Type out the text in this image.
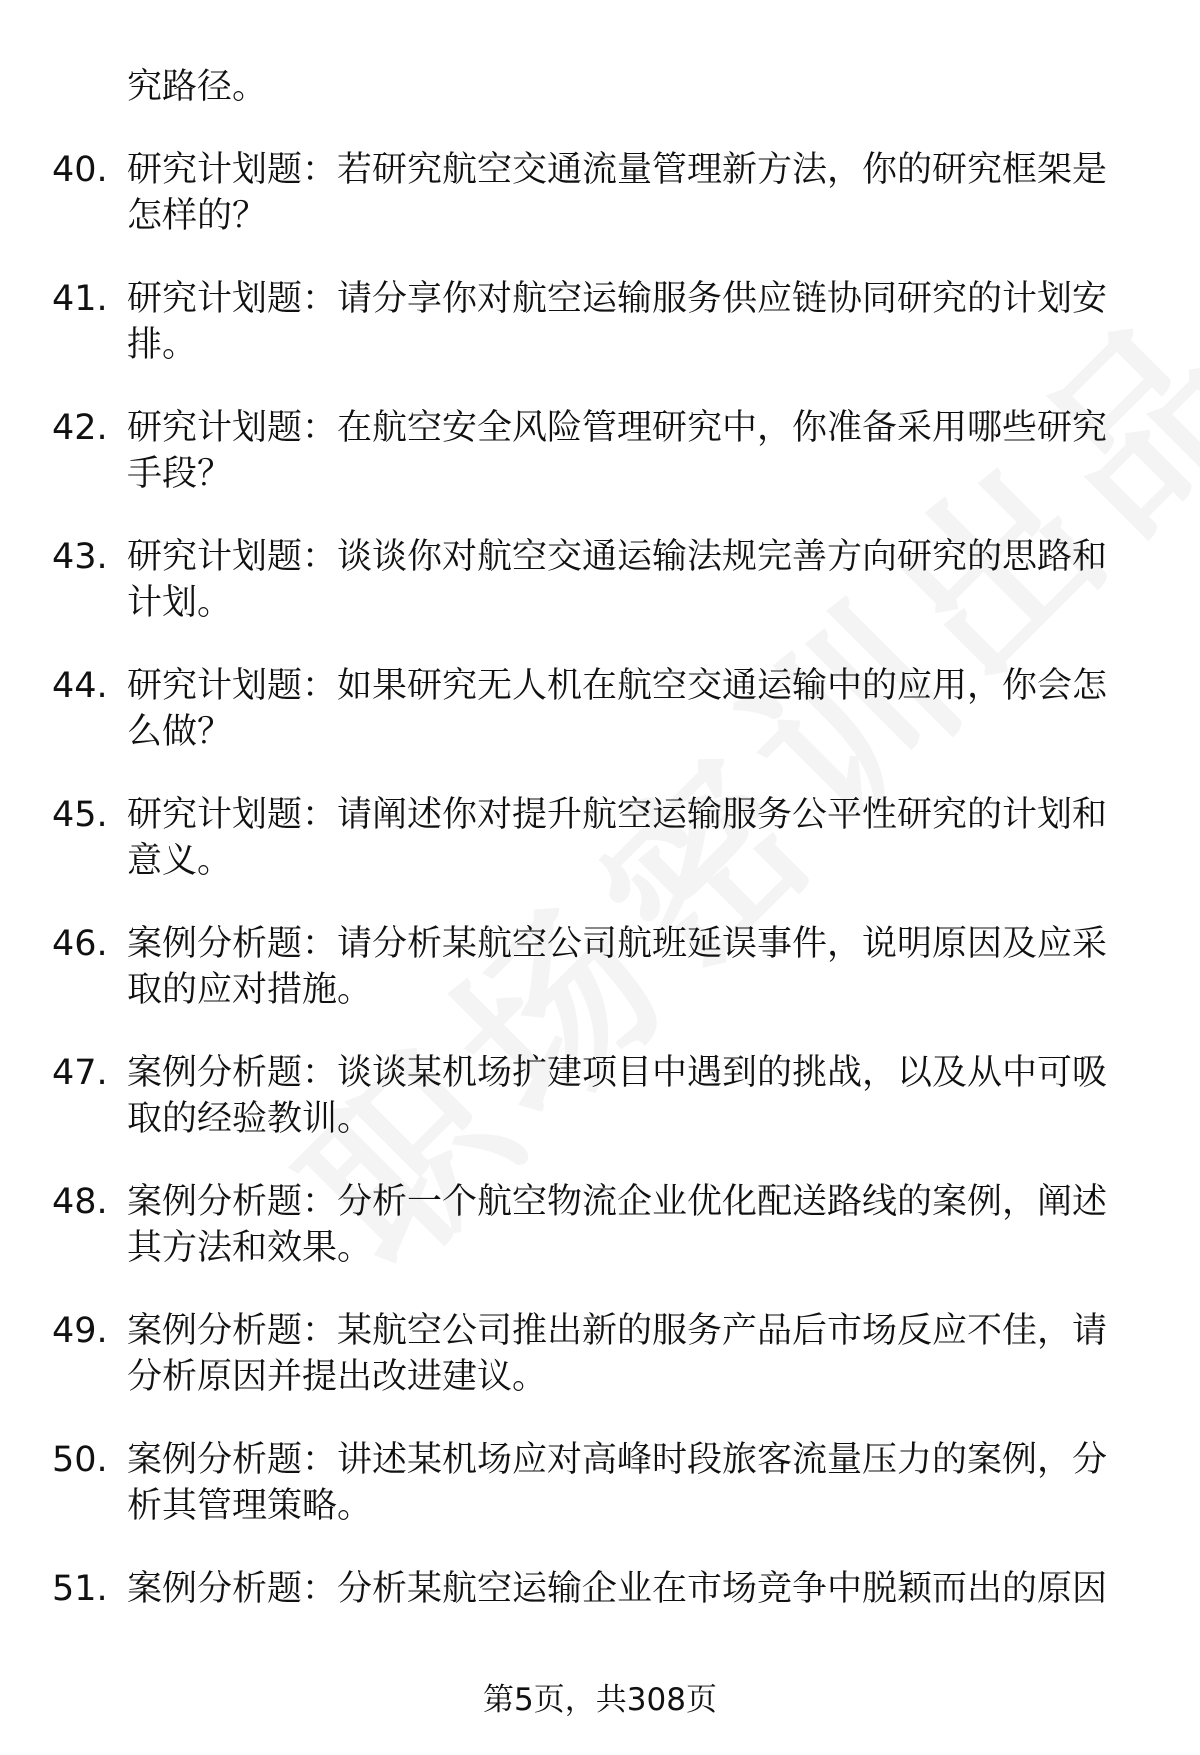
究路径。
40. 研究计划题：若研究航空交通流量管理新方法，你的研究框架是怎样的？
41. 研究计划题：请分享你对航空运输服务供应链协同研究的计划安排。
42. 研究计划题：在航空安全风险管理研究中，你准备采用哪些研究手段？
43. 研究计划题：谈谈你对航空交通运输法规完善方向研究的思路和计划。
44. 研究计划题：如果研究无人机在航空交通运输中的应用，你会怎么做？
45. 研究计划题：请阐述你对提升航空运输服务公平性研究的计划和意义。
46. 案例分析题：请分析某航空公司航班延误事件，说明原因及应采取的应对措施。
47. 案例分析题：谈谈某机场扩建项目中遇到的挑战，以及从中可吸取的经验教训。
48. 案例分析题：分析一个航空物流企业优化配送路线的案例，阐述其方法和效果。
49. 案例分析题：某航空公司推出新的服务产品后市场反应不佳，请分析原因并提出改进建议。
50. 案例分析题：讲述某机场应对高峰时段旅客流量压力的案例，分析其管理策略。
51. 案例分析题：分析某航空运输企业在市场竞争中脱颖而出的原因
第5页，共308页
